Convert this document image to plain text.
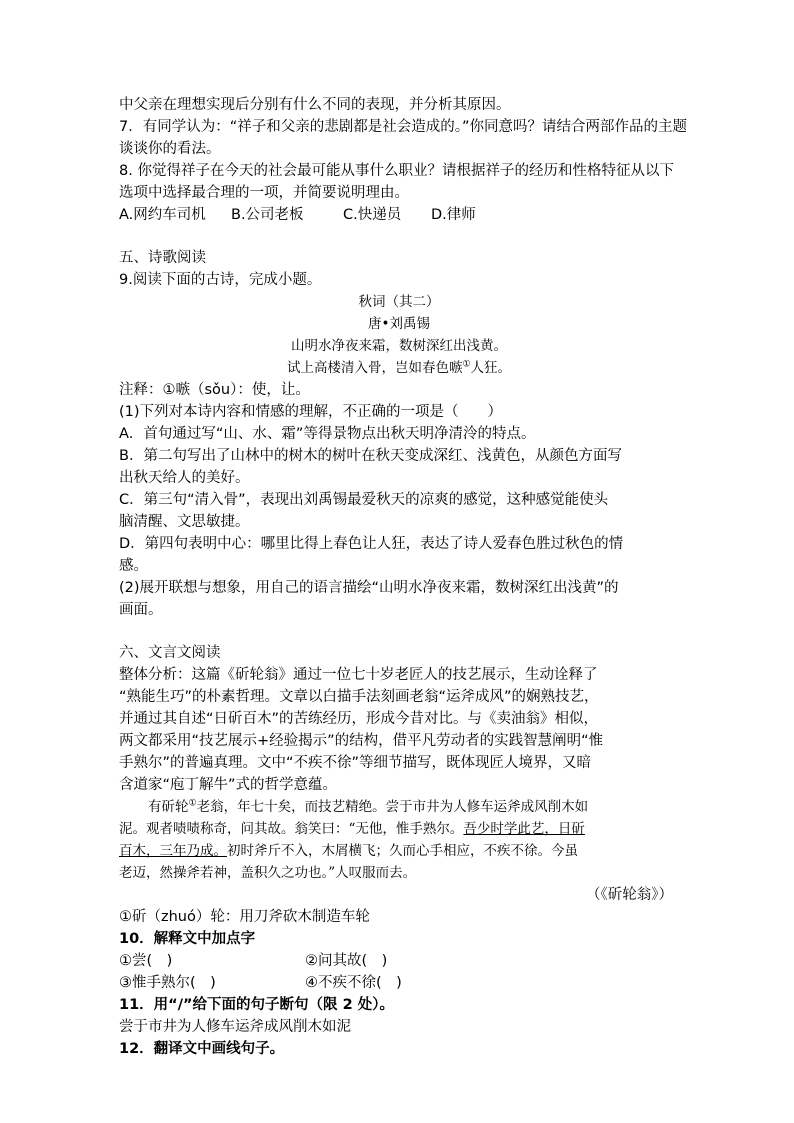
中父亲在理想实现后分别有什么不同的表现，并分析其原因。
7．有同学认为：“祥子和父亲的悲剧都是社会造成的。”你同意吗？请结合两部作品的主题
谈谈你的看法。
8. 你觉得祥子在今天的社会最可能从事什么职业？请根据祥子的经历和性格特征从以下
选项中选择最合理的一项，并简要说明理由。
A.网约车司机 B.公司老板	C.快递员 D.律师
五、诗歌阅读
9.阅读下面的古诗，完成小题。
秋词（其二）
唐•刘禹锡
山明水净夜来霜，数树深红出浅黄。
试上高楼清入骨，岂如春色嗾①人狂。
注释：①嗾（sǒu）：使，让。
(1)下列对本诗内容和情感的理解，不正确的一项是（　　）
A．首句通过写“山、水、霜”等得景物点出秋天明净清泠的特点。
B．第二句写出了山林中的树木的树叶在秋天变成深红、浅黄色，从颜色方面写
出秋天给人的美好。
C．第三句“清入骨”，表现出刘禹锡最爱秋天的凉爽的感觉，这种感觉能使头
脑清醒、文思敏捷。
D．第四句表明中心：哪里比得上春色让人狂，表达了诗人爱春色胜过秋色的情
感。
(2)展开联想与想象，用自己的语言描绘“山明水净夜来霜，数树深红出浅黄”的
画面。
六、文言文阅读
整体分析：这篇《斫轮翁》通过一位七十岁老匠人的技艺展示，生动诠释了
“熟能生巧”的朴素哲理。文章以白描手法刻画老翁“运斧成风”的娴熟技艺，
并通过其自述“日斫百木”的苦练经历，形成今昔对比。与《卖油翁》相似，
两文都采用“技艺展示+经验揭示”的结构，借平凡劳动者的实践智慧阐明“惟
手熟尔”的普遍真理。文中“不疾不徐”等细节描写，既体现匠人境界，又暗
含道家“庖丁解牛”式的哲学意蕴。
有斫轮①老翁，年七十矣，而技艺精绝。尝于市井为人修车运斧成风削木如
泥。观者啧啧称奇，问其故。翁笑曰：“无他，惟手熟尔。吾少时学此艺，日斫
百木，三年乃成。初时斧斤不入，木屑横飞；久而心手相应，不疾不徐。今虽
老迈，然操斧若神，盖积久之功也。”人叹服而去。
（《斫轮翁》）
①斫（zhuó）轮：用刀斧砍木制造车轮
10．解释文中加点字
①尝(　)	②问其故(　)
③惟手熟尔(　)	④不疾不徐(　)
11．用“/”给下面的句子断句（限 2 处）。
尝于市井为人修车运斧成风削木如泥
12．翻译文中画线句子。
